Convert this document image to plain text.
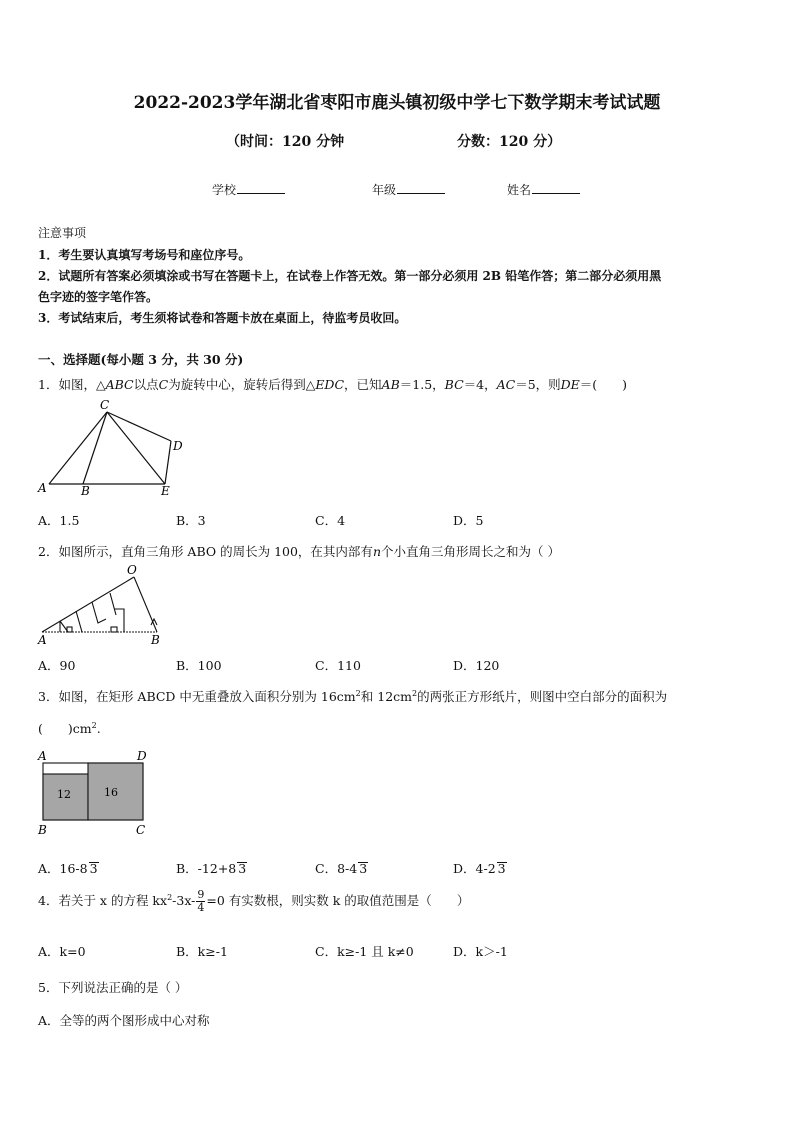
2022-2023学年湖北省枣阳市鹿头镇初级中学七下数学期末考试试题
（时间：120 分钟	分数：120 分）
学校	年级	姓名
注意事项
1．考生要认真填写考场号和座位序号。
2．试题所有答案必须填涂或书写在答题卡上，在试卷上作答无效。第一部分必须用 2B 铅笔作答；第二部分必须用黑
色字迹的签字笔作答。
3．考试结束后，考生须将试卷和答题卡放在桌面上，待监考员收回。
一、选择题(每小题 3 分，共 30 分)
1．如图，△ABC以点C为旋转中心，旋转后得到△EDC，已知AB＝1.5，BC＝4，AC＝5，则DE＝(　　)
C
D
A	B	E
A．1.5	B．3	C．4	D．5
2．如图所示，直角三角形 ABO 的周长为 100，在其内部有n个小直角三角形周长之和为（ ）
O
A	B
A．90	B．100	C．110	D．120
3．如图，在矩形 ABCD 中无重叠放入面积分别为 $16cm^2$和 $12cm^2$的两张正方形纸片，则图中空白部分的面积为
(　　)$cm^2$.
12	16
A	D
B	C
A．16-8 3	B．-12+8 3	C．8-4 3	D．4-2 3
4．若关于 x 的方程 $kx^2-3x- \frac{9}{4} =0$ 有实数根，则实数 k 的取值范围是（　　）
A．k=0	B．k≥-1	C．k≥-1 且 k≠0	D．k＞-1
5．下列说法正确的是（ ）
A．全等的两个图形成中心对称
